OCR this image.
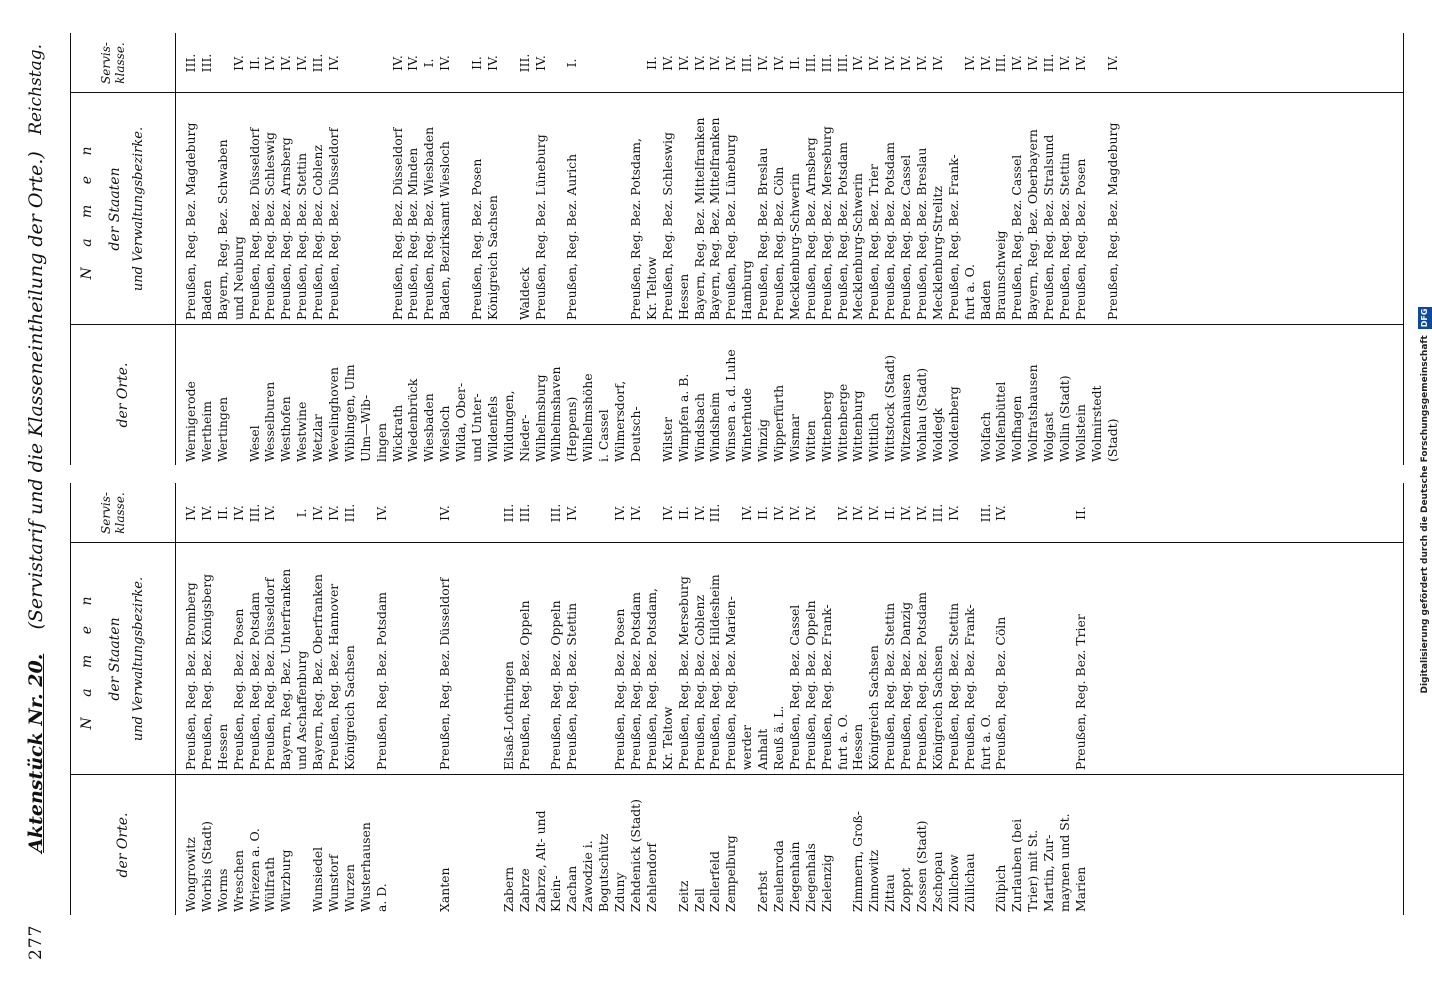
277
Aktenstück Nr. 20.    (Servistarif und die Klasseneintheilung der Orte.)
Reichstag.
der Orte.
N a m e n der Staaten und Verwaltungsbezirke.
Servis-klasse.
Wernigerode
Preußen, Reg. Bez. Magdeburg
III.
Wertheim
Baden
III.
Wertingen
Bayern, Reg. Bez. Schwaben und Neuburg
IV.
Wesel
Preußen, Reg. Bez. Düsseldorf
II.
Wesselburen
Preußen, Reg. Bez. Schleswig
IV.
Westhofen
Preußen, Reg. Bez. Arnsberg
IV.
Westwine
Preußen, Reg. Bez. Stettin
IV.
Wetzlar
Preußen, Reg. Bez. Coblenz
III.
Wevelinghoven
Preußen, Reg. Bez. Düsseldorf
IV.
Wiblingen, Ulm Ulm—Wib- lingen Wickrath
Preußen, Reg. Bez. Düsseldorf
IV.
Wiedenbrück
Preußen, Reg. Bez. Minden
IV.
Wiesbaden
Preußen, Reg. Bez. Wiesbaden
I.
Wiesloch
Baden, Bezirksamt Wiesloch
IV.
Wilda, Ober- und Unter-
Preußen, Reg. Bez. Posen
II.
Wildenfels
Königreich Sachsen
IV.
Wildungen, Nieder-
Waldeck
III.
Wilhelmsburg
Preußen, Reg. Bez. Lüneburg
IV.
Wilhelmshaven (Heppens)
Preußen, Reg. Bez. Aurich
I.
Wilhelmshöhe i. Cassel Wilmersdorf, Deutsch-
Preußen, Reg. Bez. Potsdam, Kr. Teltow
II.
Wilster
Preußen, Reg. Bez. Schleswig
IV.
Wimpfen a. B.
Hessen
IV.
Windsbach
Bayern, Reg. Bez. Mittelfranken
IV.
Windsheim
Bayern, Reg. Bez. Mittelfranken
IV.
Winsen a. d. Luhe
Preußen, Reg. Bez. Lüneburg
IV.
Winterhude
Hamburg
III.
Winzig
Preußen, Reg. Bez. Breslau
IV.
Wipperfürth
Preußen, Reg. Bez. Cöln
IV.
Wismar
Mecklenburg-Schwerin
II.
Witten
Preußen, Reg. Bez. Arnsberg
III.
Wittenberg
Preußen, Reg. Bez. Merseburg
III.
Wittenberge
Preußen, Reg. Bez. Potsdam
III.
Wittenburg
Mecklenburg-Schwerin
IV.
Wittlich
Preußen, Reg. Bez. Trier
IV.
Wittstock (Stadt)
Preußen, Reg. Bez. Potsdam
IV.
Witzenhausen
Preußen, Reg. Bez. Cassel
IV.
Wohlau (Stadt)
Preußen, Reg. Bez. Breslau
IV.
Woldegk
Mecklenburg-Strelitz
IV.
Woldenberg
Preußen, Reg. Bez. Frank- furt a. O.
IV.
Wolfach
Baden
IV.
Wolfenbüttel
Braunschweig
III.
Wolfhagen
Preußen, Reg. Bez. Cassel
IV.
Wolfratshausen
Bayern, Reg. Bez. Oberbayern
IV.
Wolgast
Preußen, Reg. Bez. Stralsund
III.
Wollin (Stadt)
Preußen, Reg. Bez. Stettin
IV.
Wollstein
Preußen, Reg. Bez. Posen
IV.
Wolmirstedt (Stadt)
Preußen, Reg. Bez. Magdeburg
IV.
der Orte.
N a m e n der Staaten und Verwaltungsbezirke.
Servis-klasse.
Wongrowitz
Preußen, Reg. Bez. Bromberg
IV.
Worbis (Stadt)
Preußen, Reg. Bez. Königsberg
IV.
Worms
Hessen
II.
Wreschen
Preußen, Reg. Bez. Posen
IV.
Wriezen a. O.
Preußen, Reg. Bez. Potsdam
III.
Wülfrath
Preußen, Reg. Bez. Düsseldorf
IV.
Würzburg
Bayern, Reg. Bez. Unterfranken und Aschaffenburg
I.
Wunsiedel
Bayern, Reg. Bez. Oberfranken
IV.
Wunstorf
Preußen, Reg. Bez. Hannover
IV.
Wurzen
Königreich Sachsen
III.
Wusterhausen a. D.
Preußen, Reg. Bez. Potsdam
IV.
Xanten
Preußen, Reg. Bez. Düsseldorf
IV.
Zabern
Elsaß-Lothringen
III.
Zabrze
Preußen, Reg. Bez. Oppeln
III.
Zabrze, Alt- und Klein-
Preußen, Reg. Bez. Oppeln
III.
Zachan
Preußen, Reg. Bez. Stettin
IV.
Zawodzie i. Bogutschütz Zduny
Preußen, Reg. Bez. Posen
IV.
Zehdenick (Stadt)
Preußen, Reg. Bez. Potsdam
IV.
Zehlendorf
Preußen, Reg. Bez. Potsdam, Kr. Teltow
IV.
Zeitz
Preußen, Reg. Bez. Merseburg
II.
Zell
Preußen, Reg. Bez. Coblenz
IV.
Zellerfeld
Preußen, Reg. Bez. Hildesheim
III.
Zempelburg
Preußen, Reg. Bez. Marien- werder
IV.
Zerbst
Anhalt
II.
Zeulenroda
Reuß ä. L.
IV.
Ziegenhain
Preußen, Reg. Bez. Cassel
IV.
Ziegenhals
Preußen, Reg. Bez. Oppeln
IV.
Zielenzig
Preußen, Reg. Bez. Frank- furt a. O.
IV.
Zimmern, Groß-
Hessen
IV.
Zinnowitz
Königreich Sachsen
IV.
Zittau
Preußen, Reg. Bez. Stettin
II.
Zoppot
Preußen, Reg. Bez. Danzig
IV.
Zossen (Stadt)
Preußen, Reg. Bez. Potsdam
IV.
Zschopau
Königreich Sachsen
III.
Züllchow
Preußen, Reg. Bez. Stettin
IV.
Züllichau
Preußen, Reg. Bez. Frank- furt a. O.
III.
Zülpich
Preußen, Reg. Bez. Cöln
IV.
Zurlauben (bei Trier) mit St. Martin, Zur- maynen und St. Marien
Preußen, Reg. Bez. Trier
II.	Digitalisierung gefördert durch die Deutsche Forschungsgemeinschaft DFG
